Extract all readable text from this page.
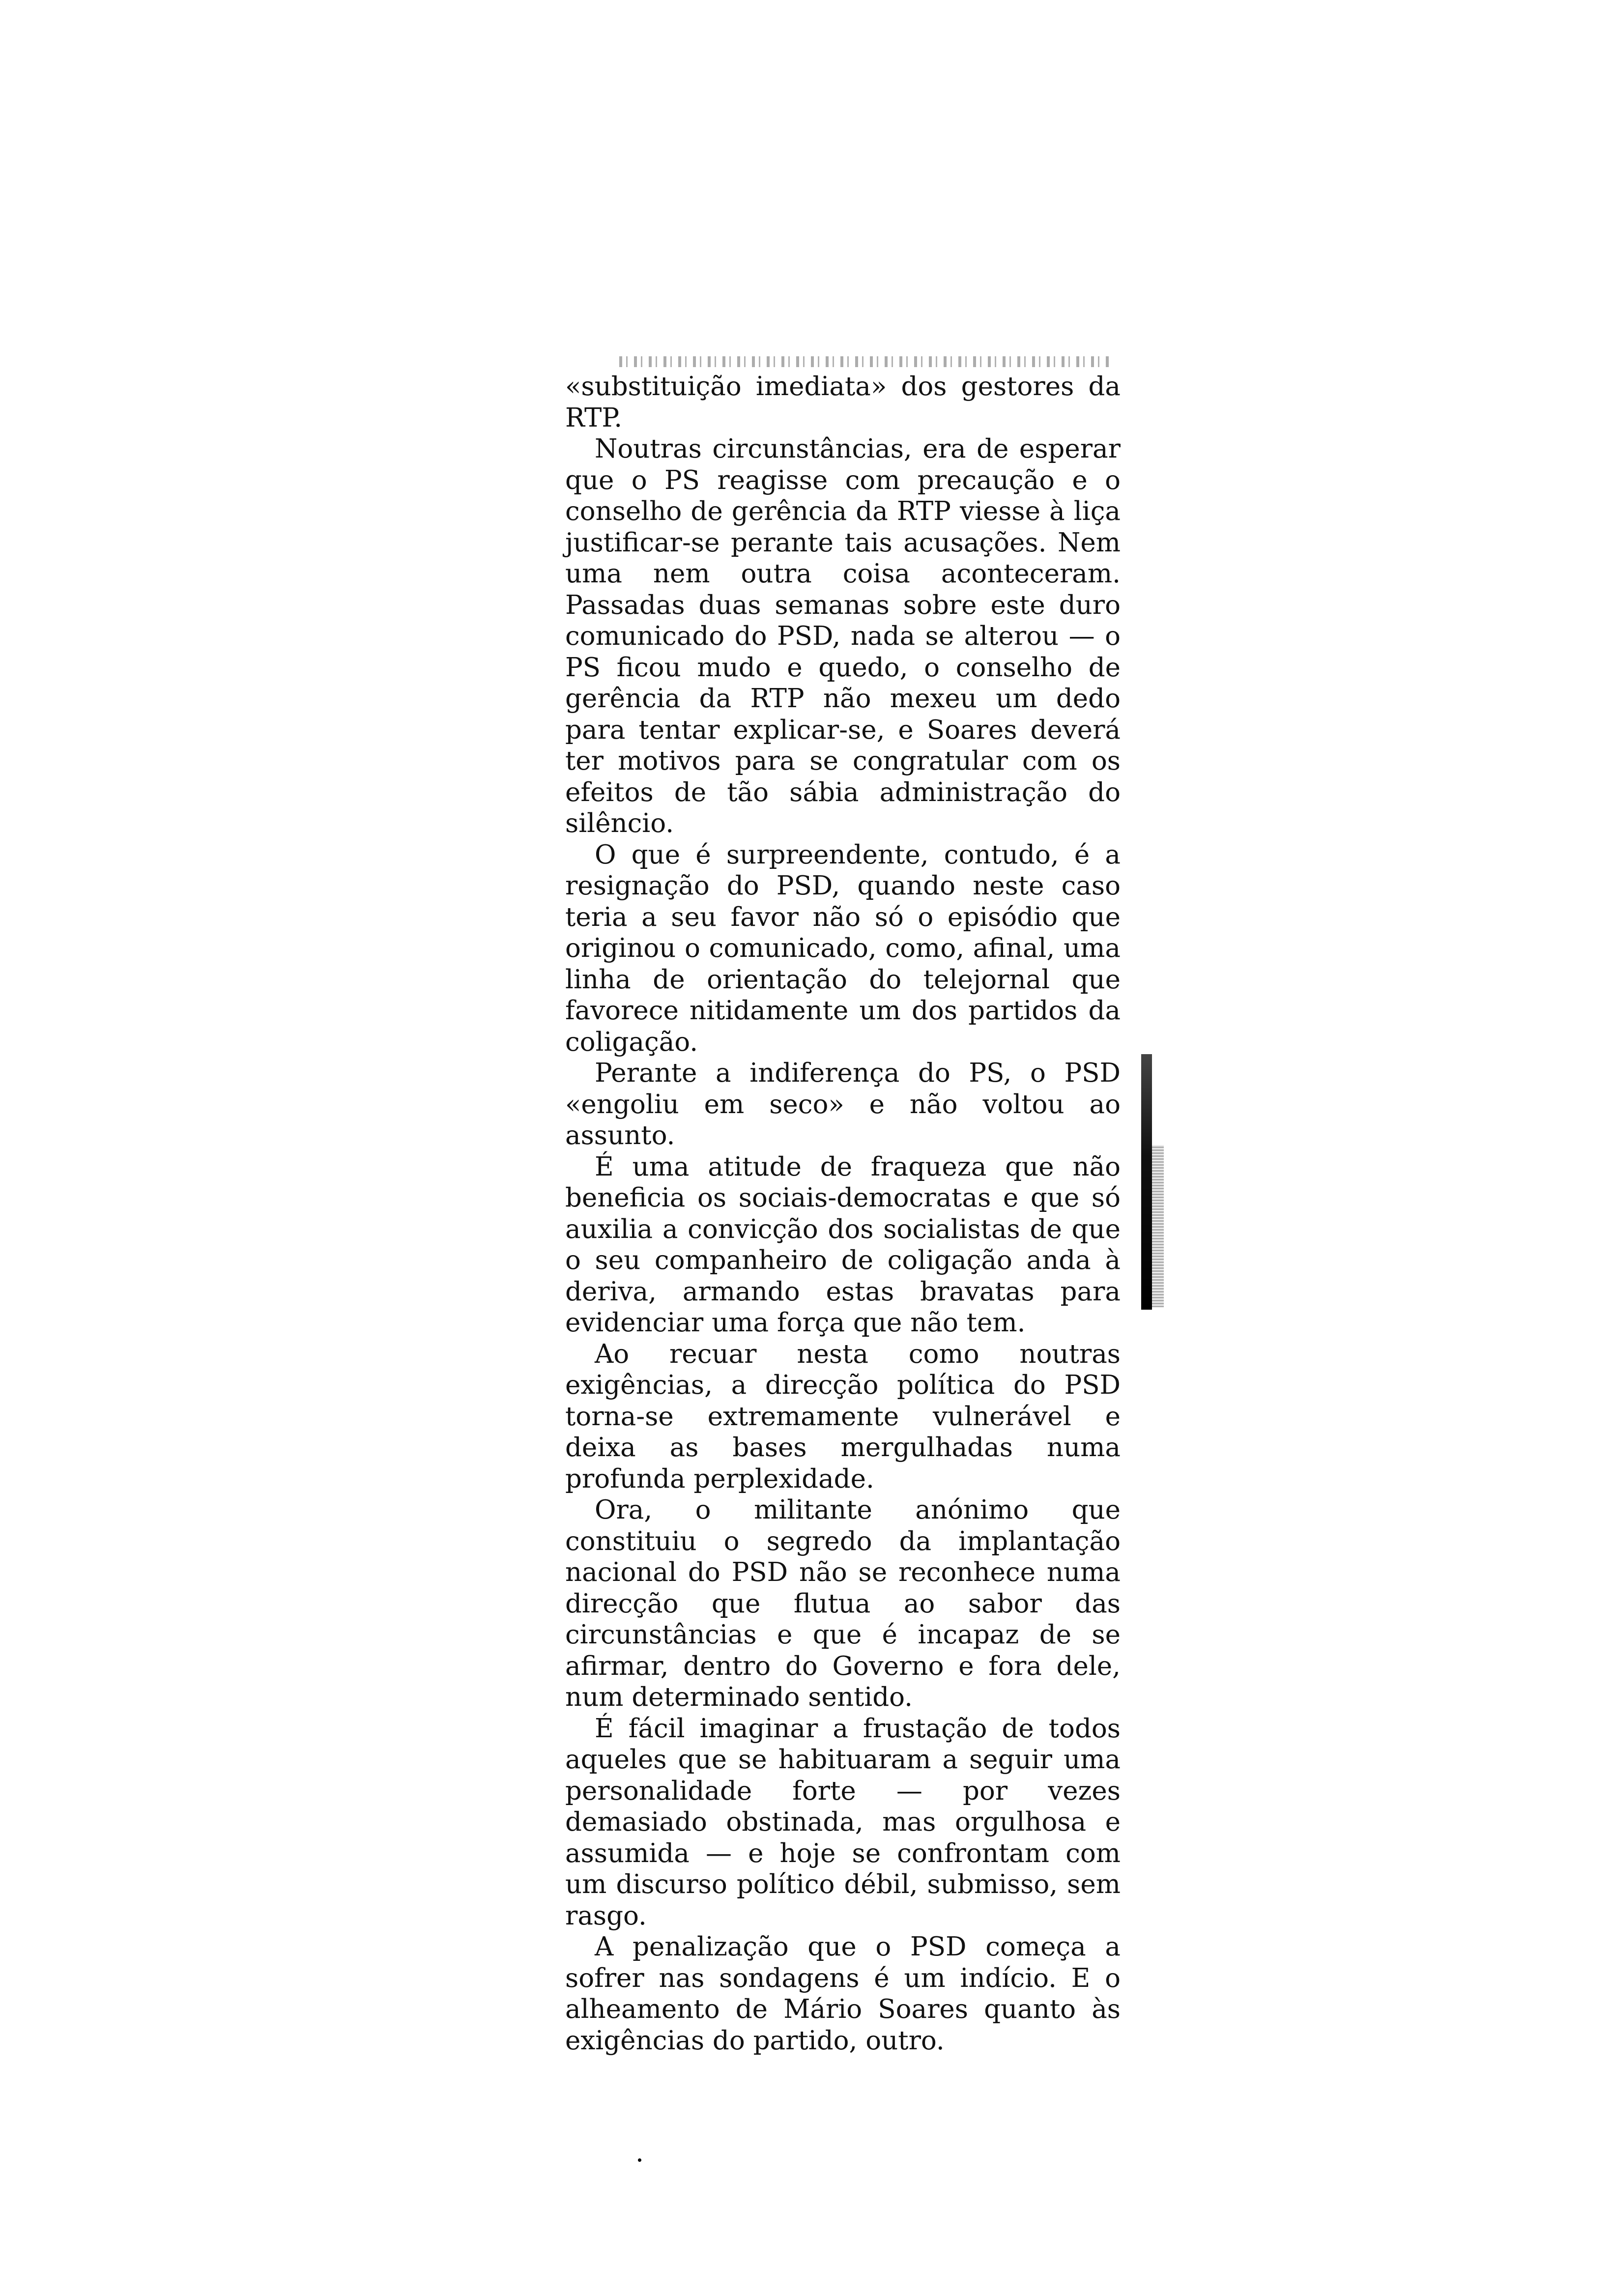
«substituição imediata» dos gestores da RTP.

Noutras circunstâncias, era de esperar que o PS reagisse com precaução e o conselho de gerência da RTP viesse à liça justificar-se perante tais acusações. Nem uma nem outra coisa aconteceram. Passadas duas semanas sobre este duro comunicado do PSD, nada se alterou — o PS ficou mudo e quedo, o conselho de gerência da RTP não mexeu um dedo para tentar explicar-se, e Soares deverá ter motivos para se congratular com os efeitos de tão sábia administração do silêncio.

O que é surpreendente, contudo, é a resignação do PSD, quando neste caso teria a seu favor não só o episódio que originou o comunicado, como, afinal, uma linha de orientação do telejornal que favorece nitidamente um dos partidos da coligação.

Perante a indiferença do PS, o PSD «engoliu em seco» e não voltou ao assunto.

É uma atitude de fraqueza que não beneficia os sociais-democratas e que só auxilia a convicção dos socialistas de que o seu companheiro de coligação anda à deriva, armando estas bravatas para evidenciar uma força que não tem.

Ao recuar nesta como noutras exigências, a direcção política do PSD torna-se extremamente vulnerável e deixa as bases mergulhadas numa profunda perplexidade.

Ora, o militante anónimo que constituiu o segredo da implantação nacional do PSD não se reconhece numa direcção que flutua ao sabor das circunstâncias e que é incapaz de se afirmar, dentro do Governo e fora dele, num determinado sentido.

É fácil imaginar a frustação de todos aqueles que se habituaram a seguir uma personalidade forte — por vezes demasiado obstinada, mas orgulhosa e assumida — e hoje se confrontam com um discurso político débil, submisso, sem rasgo.

A penalização que o PSD começa a sofrer nas sondagens é um indício. E o alheamento de Mário Soares quanto às exigências do partido, outro.
